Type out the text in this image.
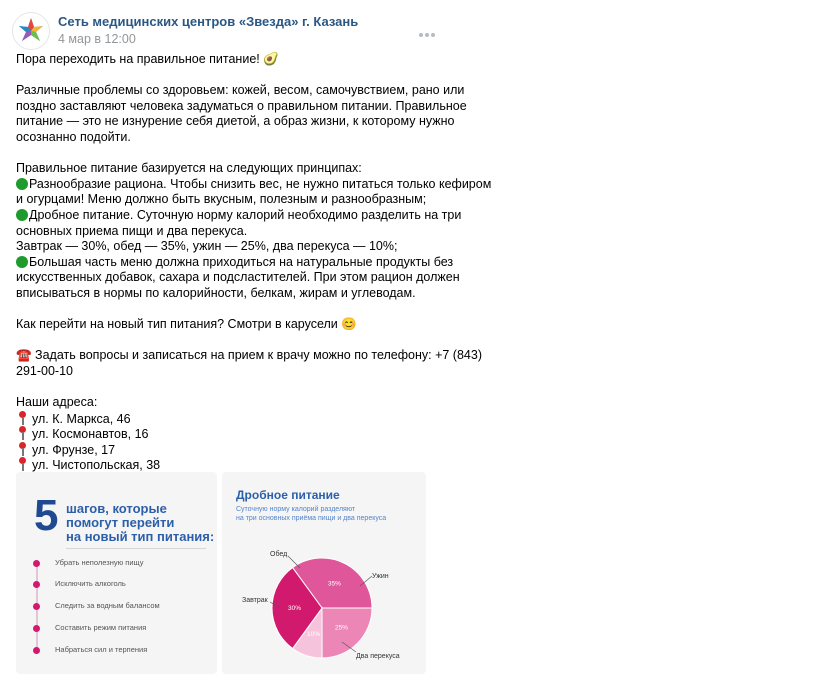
Сеть медицинских центров «Звезда» г. Казань
4 мар в 12:00
Пора переходить на правильное питание! 🥑
Различные проблемы со здоровьем: кожей, весом, самочувствием, рано или
поздно заставляют человека задуматься о правильном питании. Правильное
питание — это не изнурение себя диетой, а образ жизни, к которому нужно
осознанно подойти.
Правильное питание базируется на следующих принципах:
Разнообразие рациона. Чтобы снизить вес, не нужно питаться только кефиром
и огурцами! Меню должно быть вкусным, полезным и разнообразным;
Дробное питание. Суточную норму калорий необходимо разделить на три
основных приема пищи и два перекуса.
Завтрак — 30%, обед — 35%, ужин — 25%, два перекуса — 10%;
Большая часть меню должна приходиться на натуральные продукты без
искусственных добавок, сахара и подсластителей. При этом рацион должен
вписываться в нормы по калорийности, белкам, жирам и углеводам.
Как перейти на новый тип питания? Смотри в карусели 😊
☎️ Задать вопросы и записаться на прием к врачу можно по телефону: +7 (843)
291-00-10
Наши адреса:
ул. К. Маркса, 46
ул. Космонавтов, 16
ул. Фрунзе, 17
ул. Чистопольская, 38
5 шагов, которые
помогут перейти
на новый тип питания:
Убрать неполезную пищу
Исключить алкоголь
Следить за водным балансом
Составить режим питания
Набраться сил и терпения
Дробное питание
Суточную норму калорий разделяют
на три основных приёма пищи и два перекуса
35%
Обед
25%
Ужин
10%
Два перекуса
30%
Завтрак
